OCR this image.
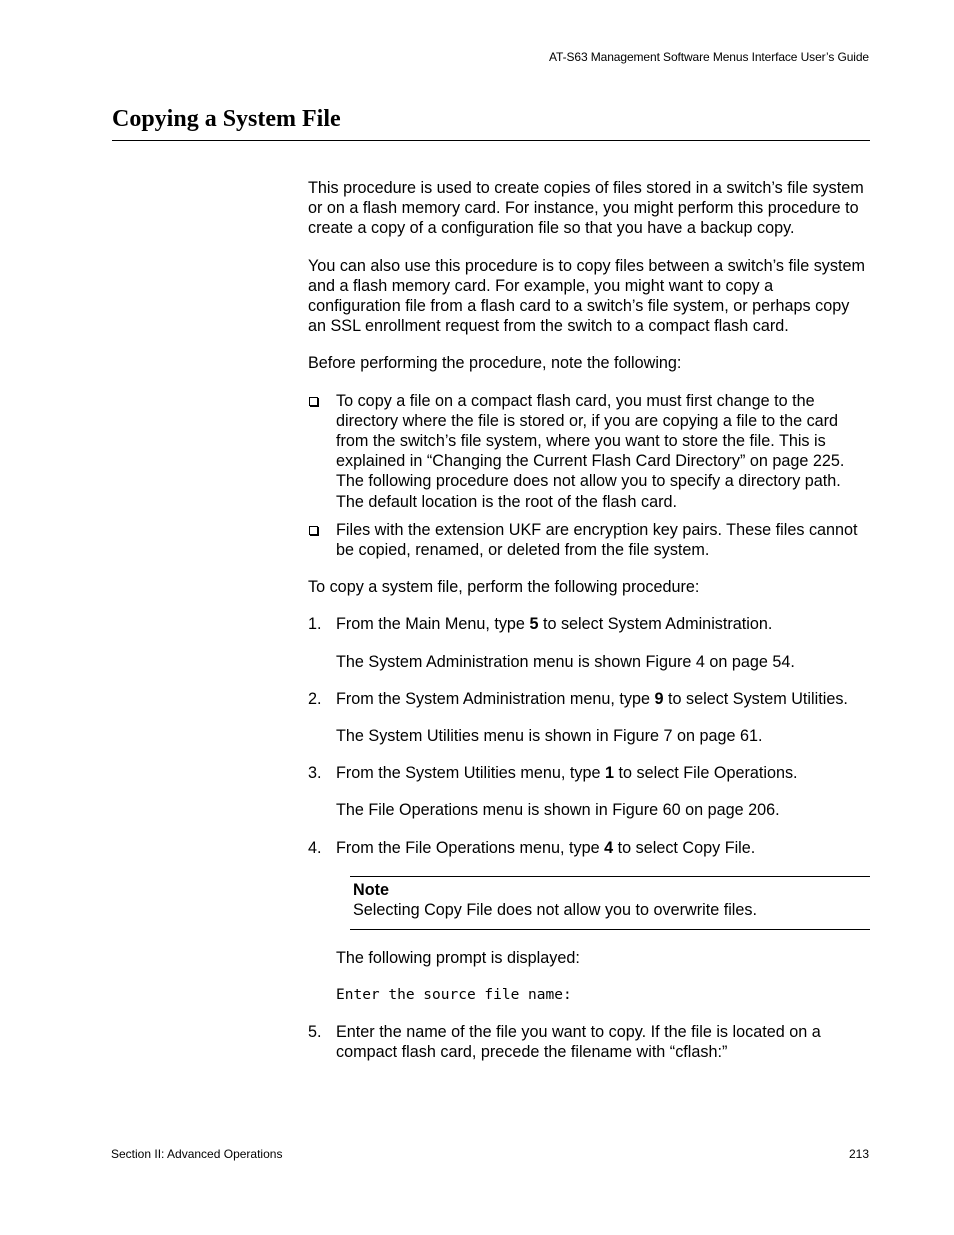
AT-S63 Management Software Menus Interface User’s Guide
Copying a System File

This procedure is used to create copies of files stored in a switch’s file system or on a flash memory card. For instance, you might perform this procedure to create a copy of a configuration file so that you have a backup copy.

You can also use this procedure is to copy files between a switch’s file system and a flash memory card. For example, you might want to copy a configuration file from a flash card to a switch’s file system, or perhaps copy an SSL enrollment request from the switch to a compact flash card.

Before performing the procedure, note the following:

To copy a file on a compact flash card, you must first change to the directory where the file is stored or, if you are copying a file to the card from the switch’s file system, where you want to store the file. This is explained in “Changing the Current Flash Card Directory” on page 225. The following procedure does not allow you to specify a directory path. The default location is the root of the flash card.
Files with the extension UKF are encryption key pairs. These files cannot be copied, renamed, or deleted from the file system.

To copy a system file, perform the following procedure:

1. From the Main Menu, type 5 to select System Administration.

The System Administration menu is shown Figure 4 on page 54.

2. From the System Administration menu, type 9 to select System Utilities.

The System Utilities menu is shown in Figure 7 on page 61.

3. From the System Utilities menu, type 1 to select File Operations.

The File Operations menu is shown in Figure 60 on page 206.

4. From the File Operations menu, type 4 to select Copy File.
Note
Selecting Copy File does not allow you to overwrite files.

The following prompt is displayed:

Enter the source file name:
5. Enter the name of the file you want to copy. If the file is located on a compact flash card, precede the filename with “cflash:”
Section II: Advanced Operations	213
